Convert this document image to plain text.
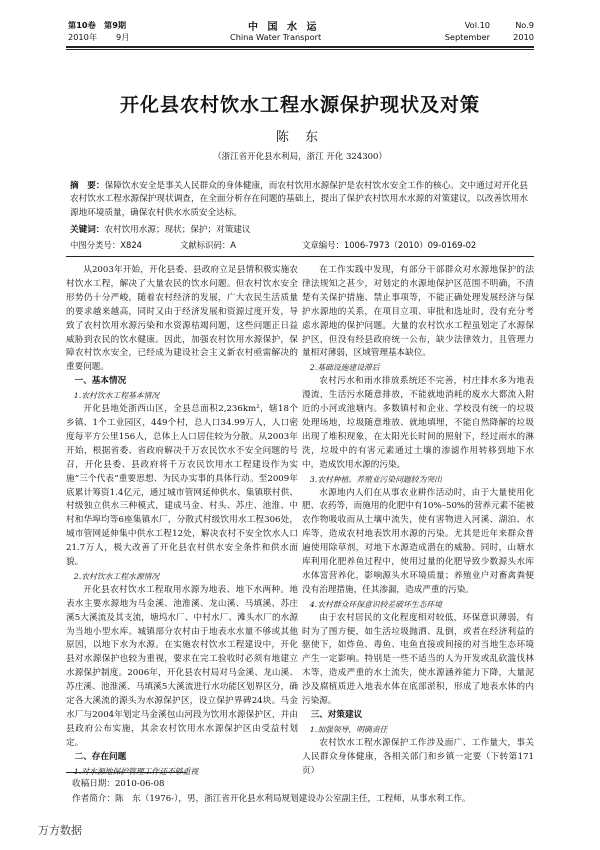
第10卷 第9期
2010年 9月
中 国 水 运
China Water Transport
Vol.10	No.9
September	2010
开化县农村饮水工程水源保护现状及对策
陈 东
（浙江省开化县水利局，浙江 开化 324300）
摘　要：保障饮水安全是事关人民群众的身体健康，而农村饮用水源保护是农村饮水安全工作的核心。文中通过对开化县农村饮水工程水源保护现状调查，在全面分析存在问题的基础上，提出了保护农村饮用水水源的对策建议，以改善饮用水源地环境质量，确保农村供水水质安全达标。
关键词：农村饮用水源；现状；保护；对策建议
中图分类号：X824	文献标识码：A	文章编号：1006-7973（2010）09-0169-02

从2003年开始，开化县委、县政府立足县情积极实施农村饮水工程，解决了大量农民的饮水问题。但农村饮水安全形势仍十分严峻，随着农村经济的发展，广大农民生活质量的要求越来越高，同时又由于经济发展和资源过度开发，导致了农村饮用水源污染和水资源枯竭问题，这些问题正日益威胁到农民的饮水健康。因此，加强农村饮用水源保护，保障农村饮水安全，已经成为建设社会主义新农村亟需解决的重要问题。

一、基本情况

1.农村饮水工程基本情况

开化县地处浙西山区，全县总面积2,236km²，辖18个乡镇、1个工业园区，449个村，总人口34.99万人，人口密度每平方公里156人，总体上人口居住较为分散。从2003年开始，根据省委、省政府解决千万农民饮水不安全问题的号召，开化县委、县政府将千万农民饮用水工程建设作为实施“三个代表”重要思想、为民办实事的具体行动。至2009年底累计筹资1.4亿元，通过城市管网延伸供水、集镇联村供、村级独立供水三种模式，建成马金、村头、苏庄、池淮、中村和华埠均等6座集镇水厂，分散式村级饮用水工程306处，城市管网延伸集中供水工程12处，解决农村不安全饮水人口21.7万人，极大改善了开化县农村供水安全条件和供水面貌。

2.农村饮水工程水源情况

开化县农村饮水工程取用水源为地表、地下水两种。地表水主要水源地为马金溪、池淮溪、龙山溪、马填溪、苏庄溪5大溪流及其支流，塘坞水厂、中村水厂、滩头水厂的水源为当地小型水库。城镇部分农村由于地表水水量不够或其他原因，以地下水为水源。在实施农村饮水工程建设中，开化县对水源保护也较为重视，要求在完工验收时必须有地建立水源保护制度。2006年，开化县农村局对马金溪、龙山溪、苏庄溪、池淮溪、马填溪5大溪流进行水功能区划界区分，确定各大溪流的源头为水源保护区，设立保护界碑24块。马金水厂与2004年划定马金溪包山河段为饮用水源保护区，并由县政府公布实施，其余农村饮用水水源保护区由受益村划定。

二、存在问题

1.对水源地保护管理工作还不够重视

在工作实践中发现，有部分干部群众对水源地保护的法律法规知之甚少，对划定的水源地保护区范围不明确，不清楚有关保护措施、禁止事项等，不能正确处理发展经济与保护水源地的关系，在项目立项、审批和选址时，没有充分考虑水源地的保护问题。大量的农村饮水工程虽划定了水源保护区，但没有经县政府统一公布，缺少法律效力，且管理力量相对薄弱，区域管理基本缺位。

2.基础设施建设滞后

农村污水和雨水排放系统还不完善，村庄排水多为地表漫流，生活污水随意排放，不能就地消耗的废水大都流入附近的小河或池塘内。多数镇村和企业、学校没有统一的垃圾处理场地，垃圾随意堆放、就地填埋，不能自然降解的垃圾出现了堆积现象，在太阳光长时间的照射下，经过雨水的淋洗，垃圾中的有害元素通过土壤的渗滤作用转移到地下水中，造成饮用水源的污染。

3.农村种植、养殖业污染问题较为突出

水源地内人们在从事农业耕作活动时，由于大量使用化肥、农药等，而施用的化肥中有10%–50%的营养元素不能被农作物吸收而从土壤中流失，使有害物进入河溪、湖泊、水库等，造成农村地表饮用水源的污染。尤其是近年来群众普遍使用除草剂，对地下水源造成潜在的威胁。同时，山塘水库利用化肥养鱼过程中，使用过量的化肥导致少数源头水库水体富营养化，影响源头水环境质量；养殖业户对畜禽粪便没有治理措施，任其渗漏，造成严重的污染。

4.农村群众环保意识较差破坏生态环境

由于农村居民的文化程度相对较低，环保意识薄弱，有时为了图方便，如生活垃圾抛洒、乱倒，或者在经济利益的驱使下，如炸鱼、毒鱼、电鱼直接或间接的对当地生态环境产生一定影响。特别是一些不适当的人为开发或乱砍滥伐林木等，造成严重的水土流失，使水源涵养能力下降，大量泥沙及腐植质进入地表水体在底部淤积，形成了地表水体的内污染源。

三、对策建议

1.加强领导，明确责任

农村饮水工程水源保护工作涉及面广、工作量大，事关人民群众身体健康，各相关部门和乡镇一定要（下转第171页）

收稿日期：2010-06-08
作者简介：陈　东（1976-），男，浙江省开化县水利局规划建设办公室副主任，工程师，从事水利工作。
万方数据
